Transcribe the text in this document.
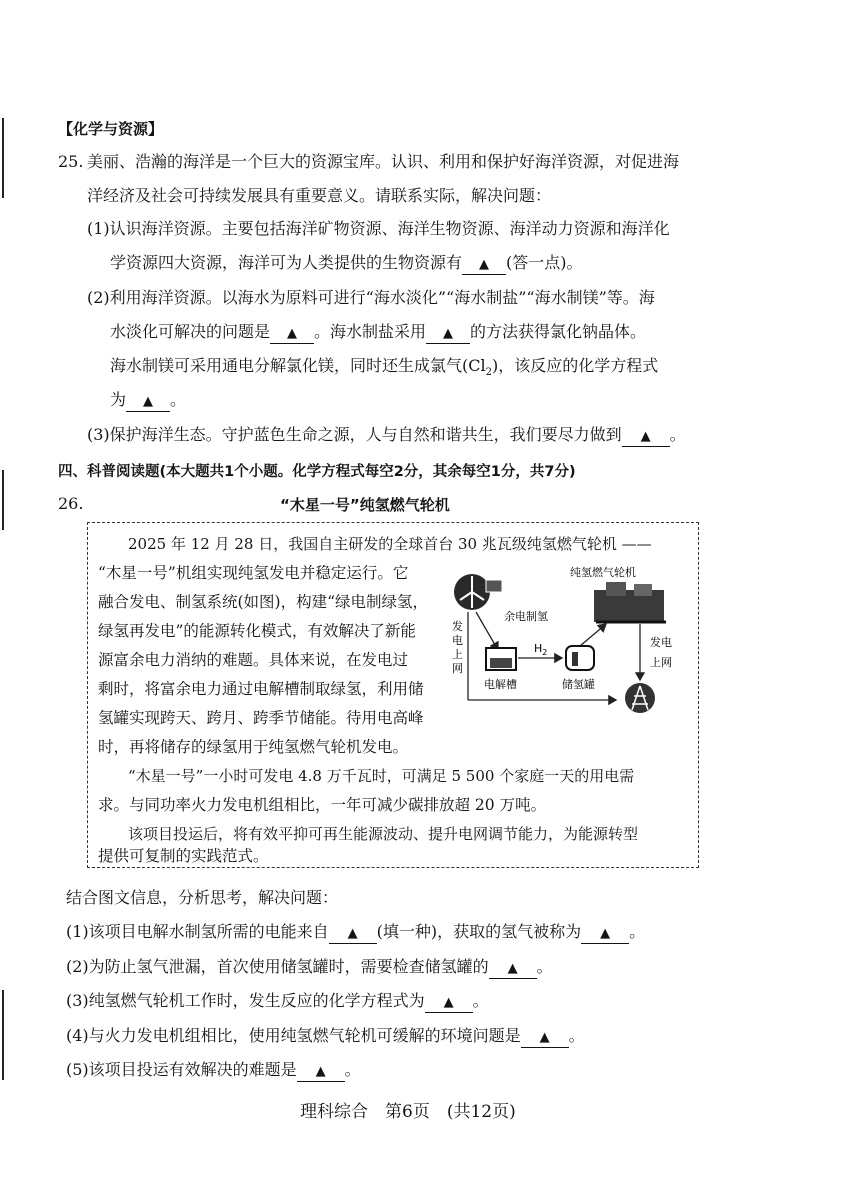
【化学与资源】
25. 美丽、浩瀚的海洋是一个巨大的资源宝库。认识、利用和保护好海洋资源，对促进海
洋经济及社会可持续发展具有重要意义。请联系实际，解决问题：
(1)认识海洋资源。主要包括海洋矿物资源、海洋生物资源、海洋动力资源和海洋化
学资源四大资源，海洋可为人类提供的生物资源有 ▲ (答一点)。
(2)利用海洋资源。以海水为原料可进行“海水淡化”“海水制盐”“海水制镁”等。海
水淡化可解决的问题是 ▲ 。海水制盐采用 ▲ 的方法获得氯化钠晶体。
海水制镁可采用通电分解氯化镁，同时还生成氯气$(Cl_2)$，该反应的化学方程式
为 ▲ 。
(3)保护海洋生态。守护蓝色生命之源，人与自然和谐共生，我们要尽力做到 ▲ 。
四、科普阅读题(本大题共1个小题。化学方程式每空2分，其余每空1分，共7分)
26.	“木星一号”纯氢燃气轮机
2025 年 12 月 28 日，我国自主研发的全球首台 30 兆瓦级纯氢燃气轮机 ——
“木星一号”机组实现纯氢发电并稳定运行。它
融合发电、制氢系统(如图)，构建“绿电制绿氢，
绿氢再发电”的能源转化模式，有效解决了新能
源富余电力消纳的难题。具体来说，在发电过
剩时，将富余电力通过电解槽制取绿氢，利用储
氢罐实现跨天、跨月、跨季节储能。待用电高峰
时，再将储存的绿氢用于纯氢燃气轮机发电。
“木星一号”一小时可发电 4.8 万千瓦时，可满足 5 500 个家庭一天的用电需
求。与同功率火力发电机组相比，一年可减少碳排放超 20 万吨。
该项目投运后，将有效平抑可再生能源波动、提升电网调节能力，为能源转型
提供可复制的实践范式。
纯氢燃气轮机
余电制氢
发
电
上
网
电解槽
$H_2$
储氢罐
发电
上网
结合图文信息，分析思考，解决问题：
(1)该项目电解水制氢所需的电能来自 ▲ (填一种)，获取的氢气被称为 ▲ 。
(2)为防止氢气泄漏，首次使用储氢罐时，需要检查储氢罐的 ▲ 。
(3)纯氢燃气轮机工作时，发生反应的化学方程式为 ▲ 。
(4)与火力发电机组相比，使用纯氢燃气轮机可缓解的环境问题是 ▲ 。
(5)该项目投运有效解决的难题是 ▲ 。
理科综合　第6页　(共12页)
